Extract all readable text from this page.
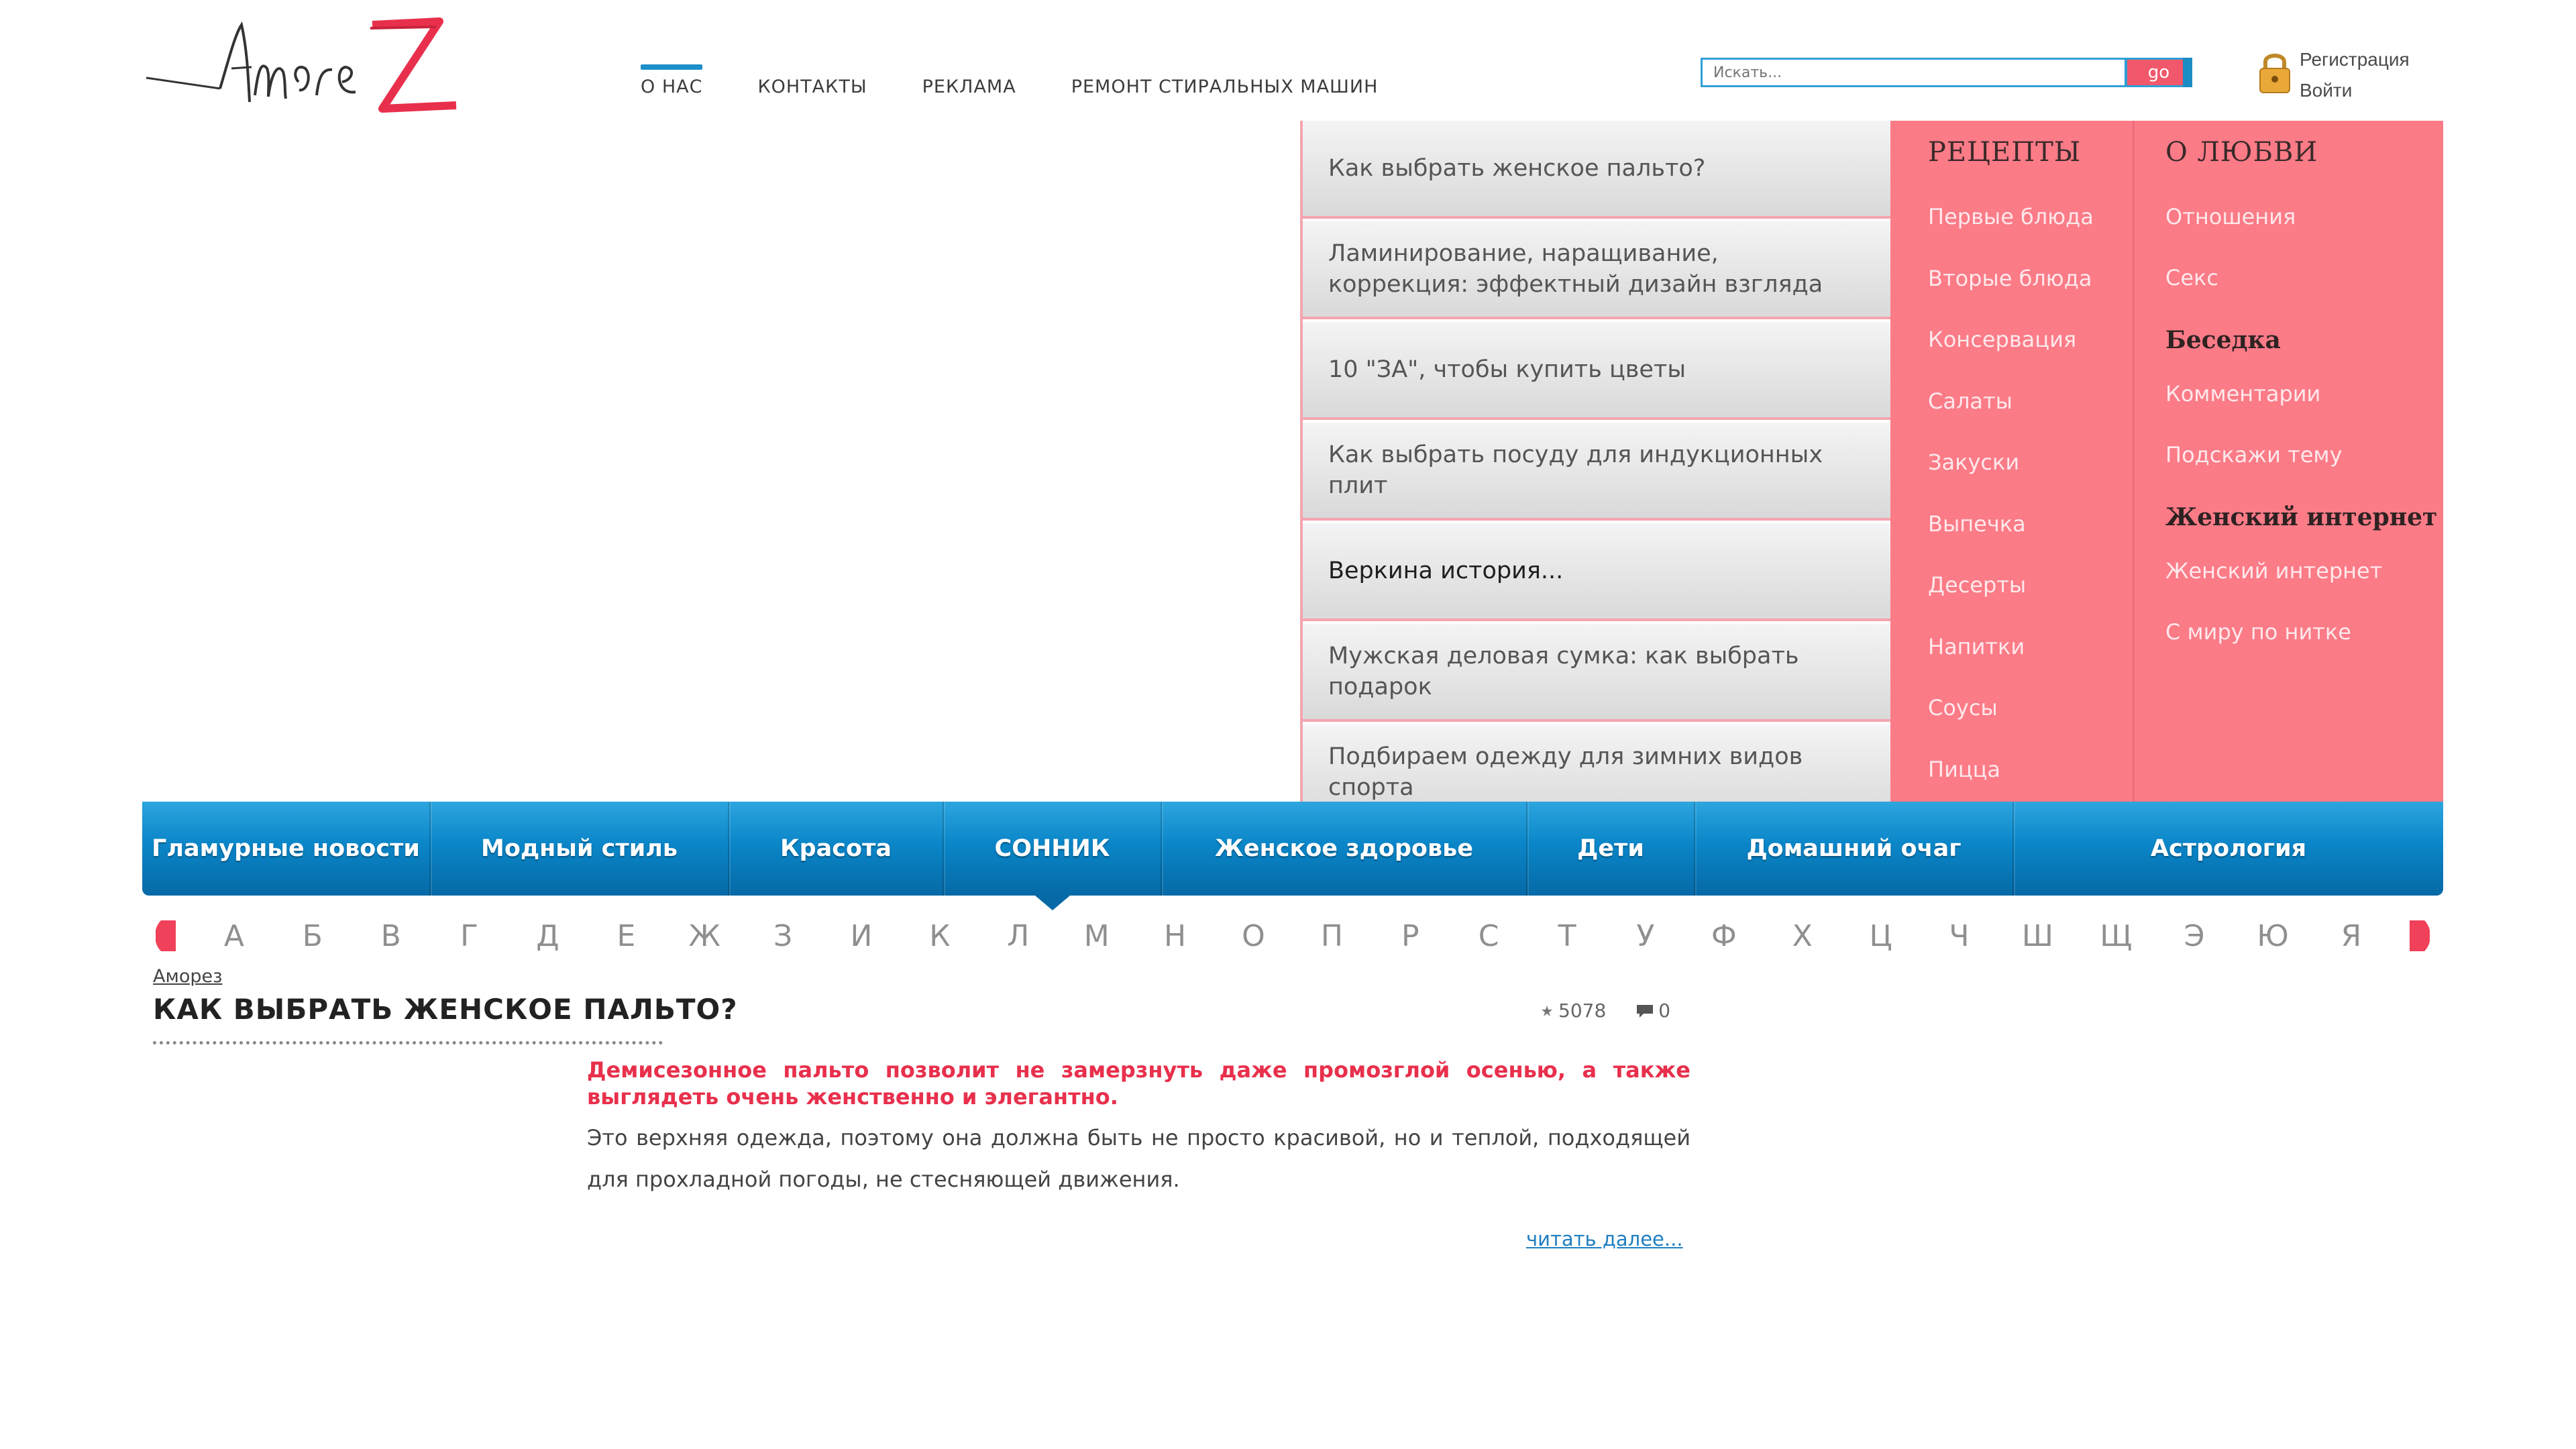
О НАС	КОНТАКТЫ	РЕКЛАМА	РЕМОНТ СТИРАЛЬНЫХ МАШИН
Искать...
go
Регистрация
Войти
Как выбрать женское пальто?
Ламинирование, наращивание, коррекция: эффектный дизайн взгляда
10 "ЗА", чтобы купить цветы
Как выбрать посуду для индукционных плит
Веркина история...
Мужская деловая сумка: как выбрать подарок
Подбираем одежду для зимних видов спорта
РЕЦЕПТЫ
Первые блюда
Вторые блюда
Консервация
Салаты
Закуски
Выпечка
Десерты
Напитки
Соусы
Пицца
О ЛЮБВИ
Отношения
Секс
Беседка
Комментарии
Подскажи тему
Женский интернет
Женский интернет
С миру по нитке
Гламурные новости	Модный стиль	Красота	СОННИК	Женское здоровье	Дети	Домашний очаг	Астрология
А	Б	В	Г	Д	Е	Ж	З	И	К	Л	М	Н	О	П	Р	С	Т	У	Ф	Х	Ц	Ч	Ш Щ	Э	Ю	Я
Аморез
КАК ВЫБРАТЬ ЖЕНСКОЕ ПАЛЬТО?	5078	0

Демисезонное пальто позволит не замерзнуть даже промозглой осенью, а также выглядеть очень женственно и элегантно.

Это верхняя одежда, поэтому она должна быть не просто красивой, но и теплой, подходящей для прохладной погоды, не стесняющей движения.

читать далее...
